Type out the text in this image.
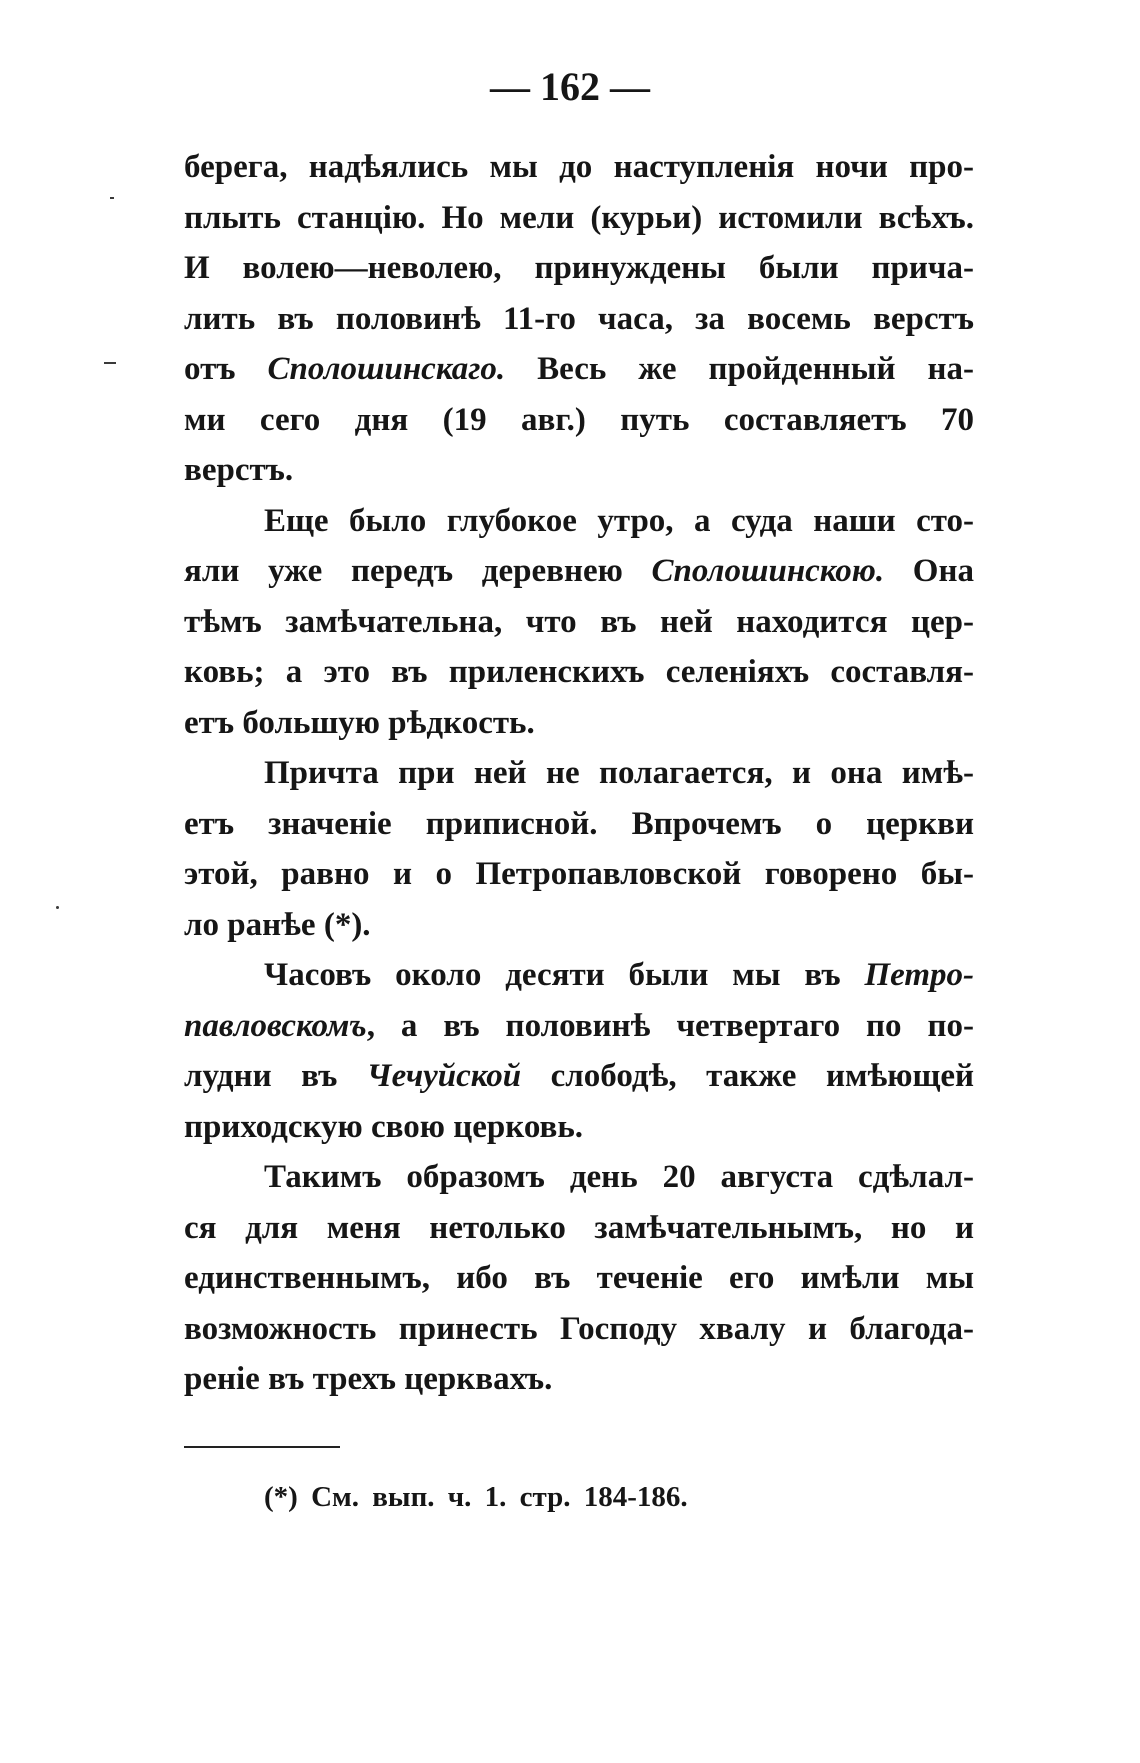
— 162 —
берега, надѣялись мы до наступленія ночи про-
плыть станцію. Но мели (курьи) истомили всѣхъ.
И волею—неволею, принуждены были прича-
лить въ половинѣ 11-го часа, за восемь верстъ
отъ Сполошинскаго. Весь же пройденный на-
ми сего дня (19 авг.) путь составляетъ 70
верстъ.
Еще было глубокое утро, а суда наши сто-
яли уже передъ деревнею Сполошинскою. Она
тѣмъ замѣчательна, что въ ней находится цер-
ковь; а это въ приленскихъ селеніяхъ составля-
етъ большую рѣдкость.
Причта при ней не полагается, и она имѣ-
етъ значеніе приписной. Впрочемъ о церкви
этой, равно и о Петропавловской говорено бы-
ло ранѣе (*).
Часовъ около десяти были мы въ Петро-
павловскомъ, а въ половинѣ четвертаго по по-
лудни въ Чечуйской слободѣ, также имѣющей
приходскую свою церковь.
Такимъ образомъ день 20 августа сдѣлал-
ся для меня нетолько замѣчательнымъ, но и
единственнымъ, ибо въ теченіе его имѣли мы
возможность принесть Господу хвалу и благода-
реніе въ трехъ церквахъ.
(*) См. вып. ч. 1. стр. 184-186.
